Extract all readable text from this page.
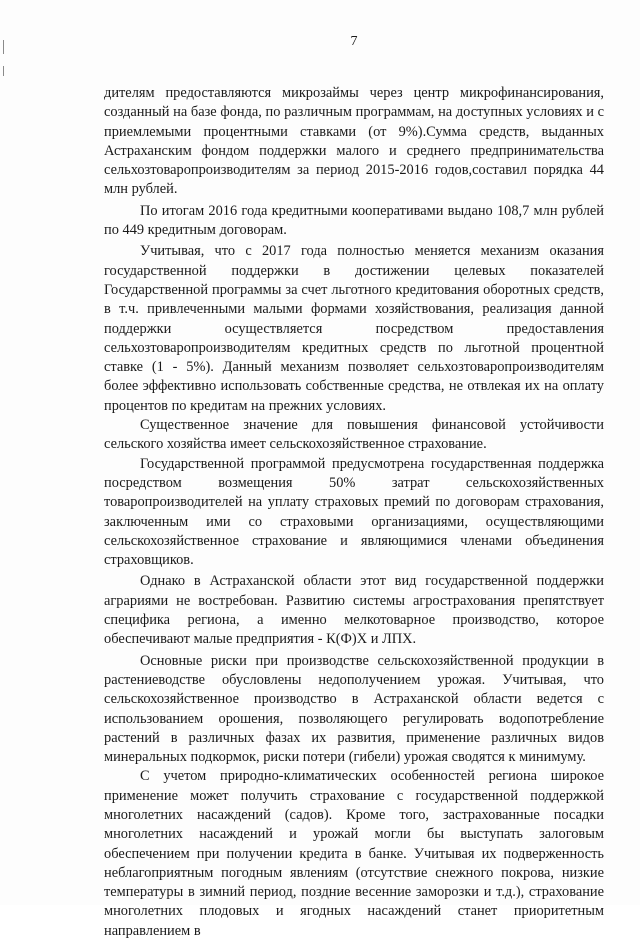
7

дителям предоставляются микрозаймы через центр микрофинансирования, созданный на базе фонда, по различным программам, на доступных условиях и с приемлемыми процентными ставками (от 9%).Сумма средств, выданных Астраханским фондом поддержки малого и среднего предпринимательства сельхозтоваропроизводителям за период 2015-2016 годов,составил порядка 44 млн рублей.

По итогам 2016 года кредитными кооперативами выдано 108,7 млн рублей по 449 кредитным договорам.

Учитывая, что с 2017 года полностью меняется механизм оказания государственной поддержки в достижении целевых показателей Государственной программы за счет льготного кредитования оборотных средств, в т.ч. привлеченными малыми формами хозяйствования, реализация данной поддержки осуществляется посредством предоставления сельхозтоваропроизводителям кредитных средств по льготной процентной ставке (1 - 5%). Данный механизм позволяет сельхозтоваропроизводителям более эффективно использовать собственные средства, не отвлекая их на оплату процентов по кредитам на прежних условиях.

Существенное значение для повышения финансовой устойчивости сельского хозяйства имеет сельскохозяйственное страхование.

Государственной программой предусмотрена государственная поддержка посредством возмещения 50% затрат сельскохозяйственных товаропроизводителей на уплату страховых премий по договорам страхования, заключенным ими со страховыми организациями, осуществляющими сельскохозяйственное страхование и являющимися членами объединения страховщиков.

Однако в Астраханской области этот вид государственной поддержки аграриями не востребован. Развитию системы агрострахования препятствует специфика региона, а именно мелкотоварное производство, которое обеспечивают малые предприятия - К(Ф)Х и ЛПХ.

Основные риски при производстве сельскохозяйственной продукции в растениеводстве обусловлены недополучением урожая. Учитывая, что сельскохозяйственное производство в Астраханской области ведется с использованием орошения, позволяющего регулировать водопотребление растений в различных фазах их развития, применение различных видов минеральных подкормок, риски потери (гибели) урожая сводятся к минимуму.

С учетом природно-климатических особенностей региона широкое применение может получить страхование с государственной поддержкой многолетних насаждений (садов). Кроме того, застрахованные посадки многолетних насаждений и урожай могли бы выступать залоговым обеспечением при получении кредита в банке. Учитывая их подверженность неблагоприятным погодным явлениям (отсутствие снежного покрова, низкие температуры в зимний период, поздние весенние заморозки и т.д.), страхование многолетних плодовых и ягодных насаждений станет приоритетным направлением в
